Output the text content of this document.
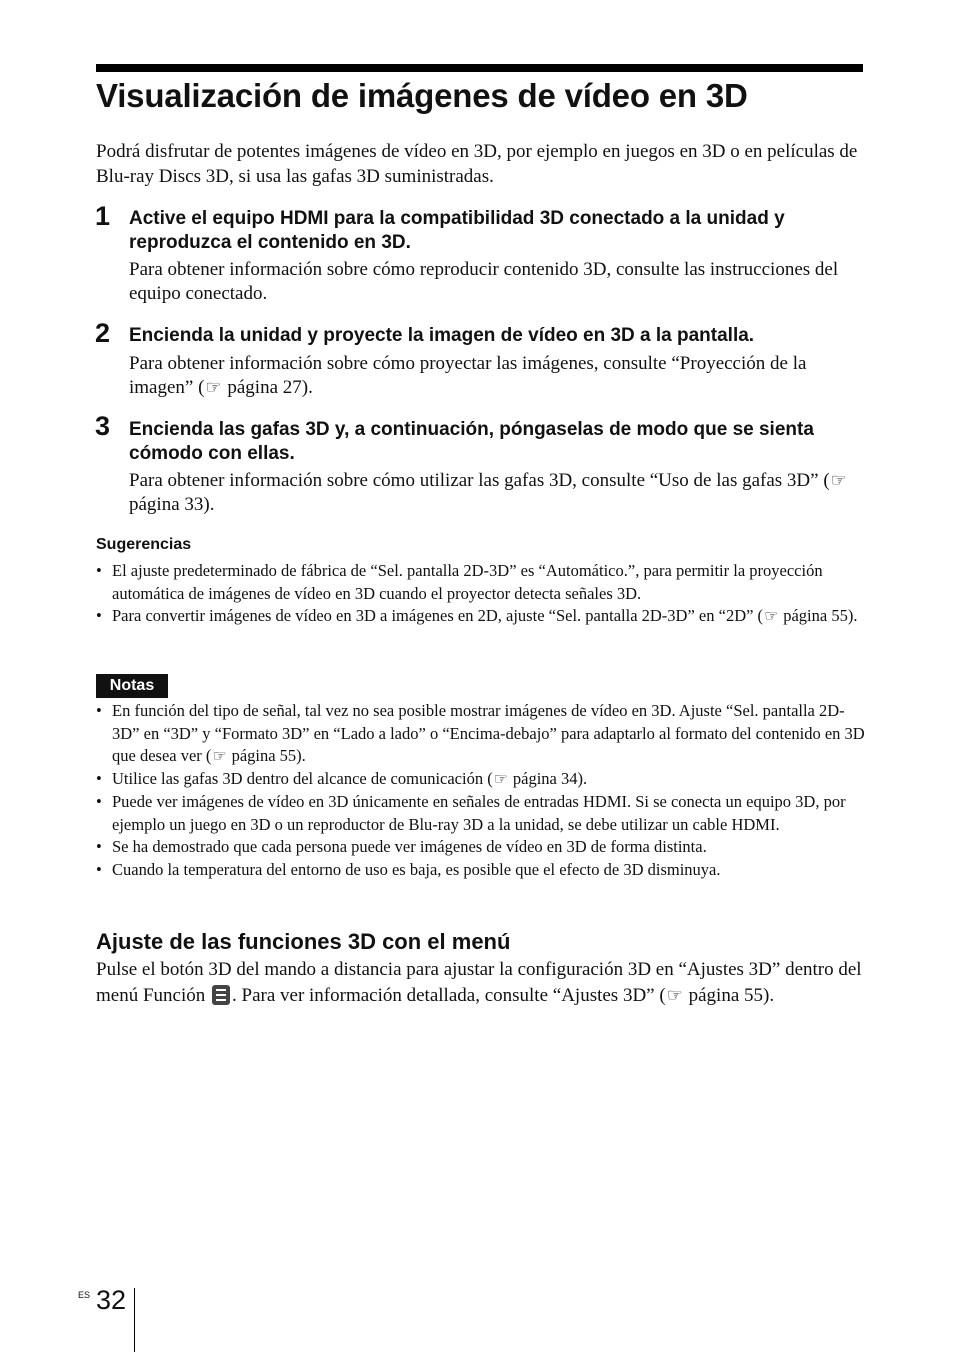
Visualización de imágenes de vídeo en 3D

Podrá disfrutar de potentes imágenes de vídeo en 3D, por ejemplo en juegos en 3D o en películas de Blu-ray Discs 3D, si usa las gafas 3D suministradas.

1 Active el equipo HDMI para la compatibilidad 3D conectado a la unidad y reproduzca el contenido en 3D.

Para obtener información sobre cómo reproducir contenido 3D, consulte las instrucciones del equipo conectado.

2 Encienda la unidad y proyecte la imagen de vídeo en 3D a la pantalla.

Para obtener información sobre cómo proyectar las imágenes, consulte “Proyección de la imagen” (☞ página 27).

3 Encienda las gafas 3D y, a continuación, póngaselas de modo que se sienta cómodo con ellas.

Para obtener información sobre cómo utilizar las gafas 3D, consulte “Uso de las gafas 3D” (☞ página 33).

Sugerencias
• El ajuste predeterminado de fábrica de “Sel. pantalla 2D-3D” es “Automático.”, para permitir la proyección automática de imágenes de vídeo en 3D cuando el proyector detecta señales 3D.
• Para convertir imágenes de vídeo en 3D a imágenes en 2D, ajuste “Sel. pantalla 2D-3D” en “2D” (☞ página 55).
Notas
• En función del tipo de señal, tal vez no sea posible mostrar imágenes de vídeo en 3D. Ajuste “Sel. pantalla 2D-3D” en “3D” y “Formato 3D” en “Lado a lado” o “Encima-debajo” para adaptarlo al formato del contenido en 3D que desea ver (☞ página 55).
• Utilice las gafas 3D dentro del alcance de comunicación (☞ página 34).
• Puede ver imágenes de vídeo en 3D únicamente en señales de entradas HDMI. Si se conecta un equipo 3D, por ejemplo un juego en 3D o un reproductor de Blu-ray 3D a la unidad, se debe utilizar un cable HDMI.
• Se ha demostrado que cada persona puede ver imágenes de vídeo en 3D de forma distinta.
• Cuando la temperatura del entorno de uso es baja, es posible que el efecto de 3D disminuya.
Ajuste de las funciones 3D con el menú

Pulse el botón 3D del mando a distancia para ajustar la configuración 3D en “Ajustes 3D” dentro del menú Función
. Para ver información detallada, consulte “Ajustes 3D” (☞ página 55).

ES 32
